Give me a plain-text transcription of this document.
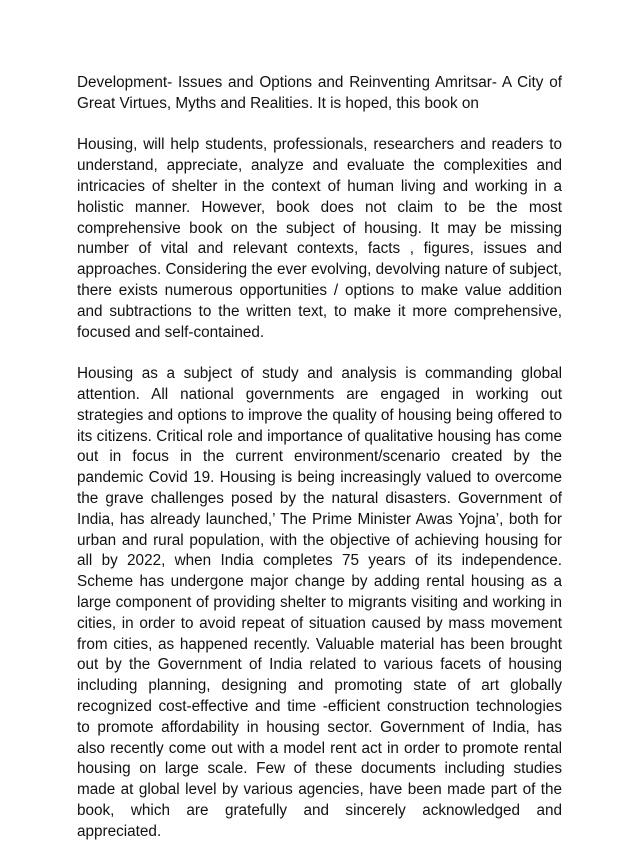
Development- Issues and Options and Reinventing Amritsar- A City of Great Virtues, Myths and Realities. It is hoped, this book on

Housing, will help students, professionals, researchers and readers to understand, appreciate, analyze and evaluate the complexities and intricacies of shelter in the context of human living and working in a holistic manner. However, book does not claim to be the most comprehensive book on the subject of housing. It may be missing number of vital and relevant contexts, facts , figures, issues and approaches. Considering the ever evolving, devolving nature of subject, there exists numerous opportunities / options to make value addition and subtractions to the written text, to make it more comprehensive, focused and self-contained.

Housing as a subject of study and analysis is commanding global attention. All national governments are engaged in working out strategies and options to improve the quality of housing being offered to its citizens. Critical role and importance of qualitative housing has come out in focus in the current environment/scenario created by the pandemic Covid 19. Housing is being increasingly valued to overcome the grave challenges posed by the natural disasters. Government of India, has already launched,’ The Prime Minister Awas Yojna’, both for urban and rural population, with the objective of achieving housing for all by 2022, when India completes 75 years of its independence. Scheme has undergone major change by adding rental housing as a large component of providing shelter to migrants visiting and working in cities, in order to avoid repeat of situation caused by mass movement from cities, as happened recently. Valuable material has been brought out by the Government of India related to various facets of housing including planning, designing and promoting state of art globally recognized cost-effective and time -efficient construction technologies to promote affordability in housing sector. Government of India, has also recently come out with a model rent act in order to promote rental housing on large scale. Few of these documents including studies made at global level by various agencies, have been made part of the book, which are gratefully and sincerely acknowledged and appreciated.
